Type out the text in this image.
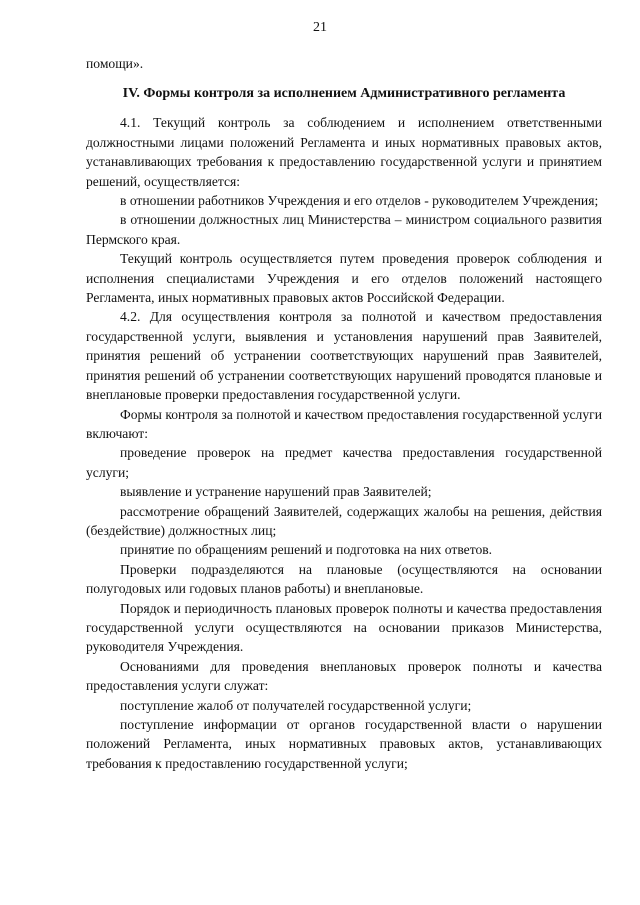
21

помощи».

IV. Формы контроля за исполнением Административного регламента

4.1. Текущий контроль за соблюдением и исполнением ответственными должностными лицами положений Регламента и иных нормативных правовых актов, устанавливающих требования к предоставлению государственной услуги и принятием решений, осуществляется:

в отношении работников Учреждения и его отделов - руководителем Учреждения;

в отношении должностных лиц Министерства – министром социального развития Пермского края.

Текущий контроль осуществляется путем проведения проверок соблюдения и исполнения специалистами Учреждения и его отделов положений настоящего Регламента, иных нормативных правовых актов Российской Федерации.

4.2. Для осуществления контроля за полнотой и качеством предоставления государственной услуги, выявления и установления нарушений прав Заявителей, принятия решений об устранении соответствующих нарушений прав Заявителей, принятия решений об устранении соответствующих нарушений проводятся плановые и внеплановые проверки предоставления государственной услуги.

Формы контроля за полнотой и качеством предоставления государственной услуги включают:

проведение проверок на предмет качества предоставления государственной услуги;

выявление и устранение нарушений прав Заявителей;

рассмотрение обращений Заявителей, содержащих жалобы на решения, действия (бездействие) должностных лиц;

принятие по обращениям решений и подготовка на них ответов.

Проверки подразделяются на плановые (осуществляются на основании полугодовых или годовых планов работы) и внеплановые.

Порядок и периодичность плановых проверок полноты и качества предоставления государственной услуги осуществляются на основании приказов Министерства, руководителя Учреждения.

Основаниями для проведения внеплановых проверок полноты и качества предоставления услуги служат:

поступление жалоб от получателей государственной услуги;

поступление информации от органов государственной власти о нарушении положений Регламента, иных нормативных правовых актов, устанавливающих требования к предоставлению государственной услуги;
